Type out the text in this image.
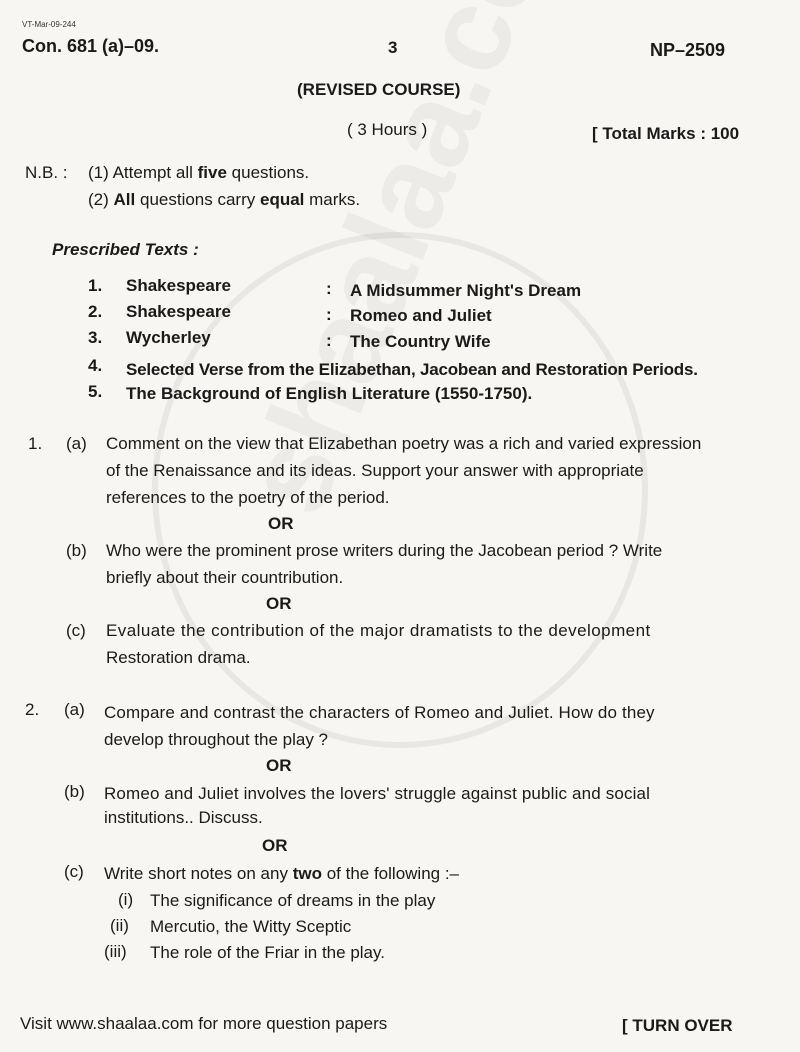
VT-Mar-09-244
Con. 681 (a)–09.	3	NP–2509
(REVISED COURSE)
( 3 Hours )	[ Total Marks : 100
N.B. : (1) Attempt all five questions.
(2) All questions carry equal marks.
Prescribed Texts :
1. Shakespeare	: A Midsummer Night's Dream
2. Shakespeare	: Romeo and Juliet
3. Wycherley	: The Country Wife
4. Selected Verse from the Elizabethan, Jacobean and Restoration Periods.
5. The Background of English Literature (1550-1750).
1. (a) Comment on the view that Elizabethan poetry was a rich and varied expression
of the Renaissance and its ideas. Support your answer with appropriate
references to the poetry of the period.
OR
(b) Who were the prominent prose writers during the Jacobean period ? Write
briefly about their countribution.
OR
(c) Evaluate the contribution of the major dramatists to the development
Restoration drama.
2. (a) Compare and contrast the characters of Romeo and Juliet. How do they
develop throughout the play ?
OR
(b) Romeo and Juliet involves the lovers' struggle against public and social
institutions.. Discuss.
OR
(c) Write short notes on any two of the following :–
(i) The significance of dreams in the play
(ii) Mercutio, the Witty Sceptic
(iii) The role of the Friar in the play.
Visit www.shaalaa.com for more question papers	[ TURN OVER
